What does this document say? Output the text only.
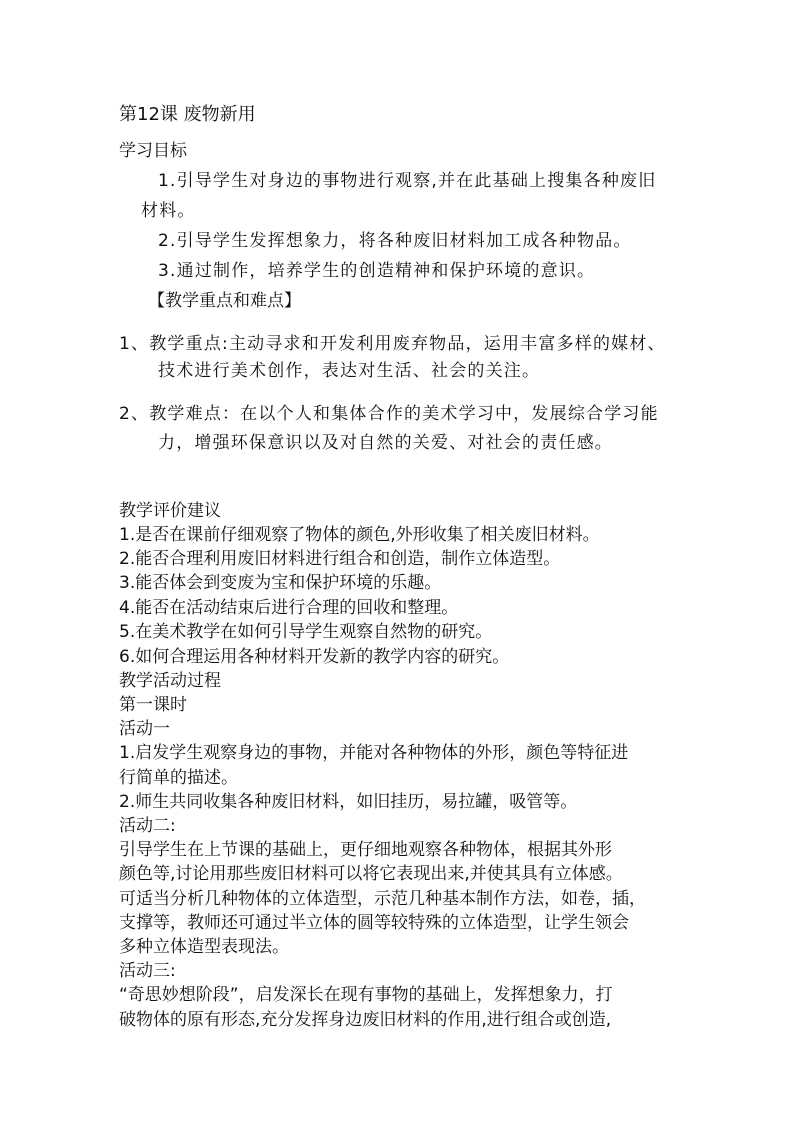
第12课 废物新用
学习目标
1.引导学生对身边的事物进行观察,并在此基础上搜集各种废旧
材料。
2.引导学生发挥想象力，将各种废旧材料加工成各种物品。
3.通过制作，培养学生的创造精神和保护环境的意识。
【教学重点和难点】
1、教学重点:主动寻求和开发利用废弃物品，运用丰富多样的媒材、
技术进行美术创作，表达对生活、社会的关注。
2、教学难点：在以个人和集体合作的美术学习中，发展综合学习能
力，增强环保意识以及对自然的关爱、对社会的责任感。
教学评价建议
1.是否在课前仔细观察了物体的颜色,外形收集了相关废旧材料。
2.能否合理利用废旧材料进行组合和创造，制作立体造型。
3.能否体会到变废为宝和保护环境的乐趣。
4.能否在活动结束后进行合理的回收和整理。
5.在美术教学在如何引导学生观察自然物的研究。
6.如何合理运用各种材料开发新的教学内容的研究。
教学活动过程
第一课时
活动一
1.启发学生观察身边的事物，并能对各种物体的外形，颜色等特征进
行简单的描述。
2.师生共同收集各种废旧材料，如旧挂历，易拉罐，吸管等。
活动二:
引导学生在上节课的基础上，更仔细地观察各种物体，根据其外形
颜色等,讨论用那些废旧材料可以将它表现出来,并使其具有立体感。
可适当分析几种物体的立体造型，示范几种基本制作方法，如卷，插，
支撑等，教师还可通过半立体的圆等较特殊的立体造型，让学生领会
多种立体造型表现法。
活动三:
“奇思妙想阶段”，启发深长在现有事物的基础上，发挥想象力，打
破物体的原有形态,充分发挥身边废旧材料的作用,进行组合或创造,
